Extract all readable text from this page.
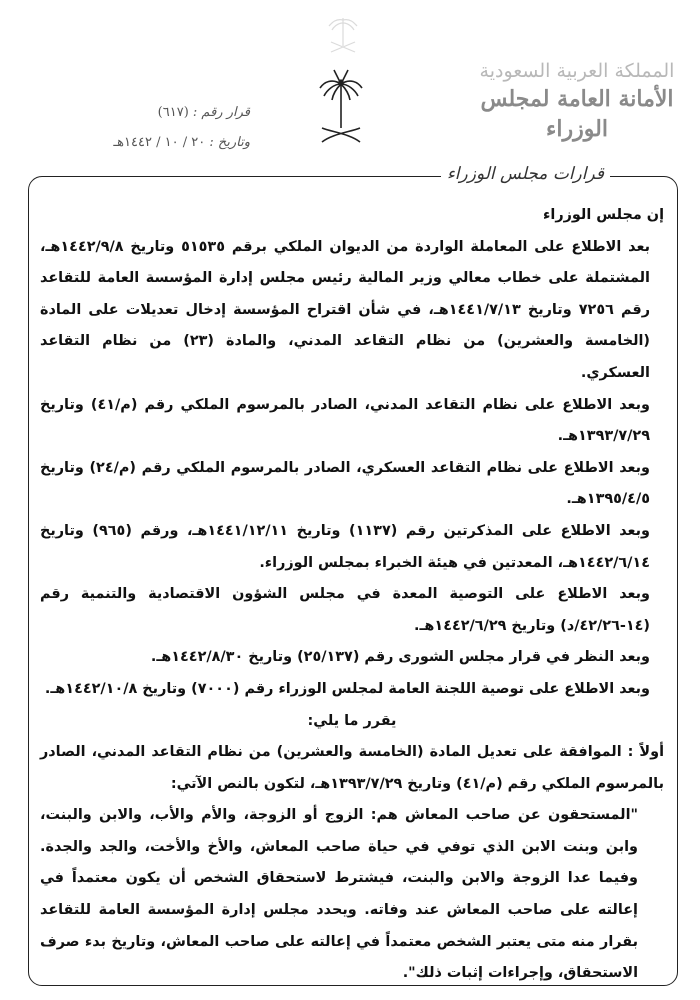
المملكة العربية السعودية
الأمانة العامة لمجلس الوزراء
قرار رقم : (٦١٧)
وتاريخ : ٢٠ / ١٠ / ١٤٤٢هـ
قرارات مجلس الوزراء

إن مجلس الوزراء

بعد الاطلاع على المعاملة الواردة من الديوان الملكي برقم ٥١٥٣٥ وتاريخ ١٤٤٢/٩/٨هـ، المشتملة على خطاب معالي وزير المالية رئيس مجلس إدارة المؤسسة العامة للتقاعد رقم ٧٢٥٦ وتاريخ ١٤٤١/٧/١٣هـ، في شأن اقتراح المؤسسة إدخال تعديلات على المادة (الخامسة والعشرين) من نظام التقاعد المدني، والمادة (٢٣) من نظام التقاعد العسكري.

وبعد الاطلاع على نظام التقاعد المدني، الصادر بالمرسوم الملكي رقم (م/٤١) وتاريخ ١٣٩٣/٧/٢٩هـ.

وبعد الاطلاع على نظام التقاعد العسكري، الصادر بالمرسوم الملكي رقم (م/٢٤) وتاريخ ١٣٩٥/٤/٥هـ.

وبعد الاطلاع على المذكرتين رقم (١١٣٧) وتاريخ ١٤٤١/١٢/١١هـ، ورقم (٩٦٥) وتاريخ ١٤٤٢/٦/١٤هـ، المعدتين في هيئة الخبراء بمجلس الوزراء.

وبعد الاطلاع على التوصية المعدة في مجلس الشؤون الاقتصادية والتنمية رقم (١٤-٤٢/٢٦/د) وتاريخ ١٤٤٢/٦/٢٩هـ.

وبعد النظر في قرار مجلس الشورى رقم (٢٥/١٣٧) وتاريخ ١٤٤٢/٨/٣٠هـ.

وبعد الاطلاع على توصية اللجنة العامة لمجلس الوزراء رقم (٧٠٠٠) وتاريخ ١٤٤٢/١٠/٨هـ.

يقرر ما يلي:

أولاً : الموافقة على تعديل المادة (الخامسة والعشرين) من نظام التقاعد المدني، الصادر بالمرسوم الملكي رقم (م/٤١) وتاريخ ١٣٩٣/٧/٢٩هـ، لتكون بالنص الآتي:

"المستحقون عن صاحب المعاش هم: الزوج أو الزوجة، والأم والأب، والابن والبنت، وابن وبنت الابن الذي توفي في حياة صاحب المعاش، والأخ والأخت، والجد والجدة. وفيما عدا الزوجة والابن والبنت، فيشترط لاستحقاق الشخص أن يكون معتمداً في إعالته على صاحب المعاش عند وفاته. ويحدد مجلس إدارة المؤسسة العامة للتقاعد بقرار منه متى يعتبر الشخص معتمداً في إعالته على صاحب المعاش، وتاريخ بدء صرف الاستحقاق، وإجراءات إثبات ذلك".
